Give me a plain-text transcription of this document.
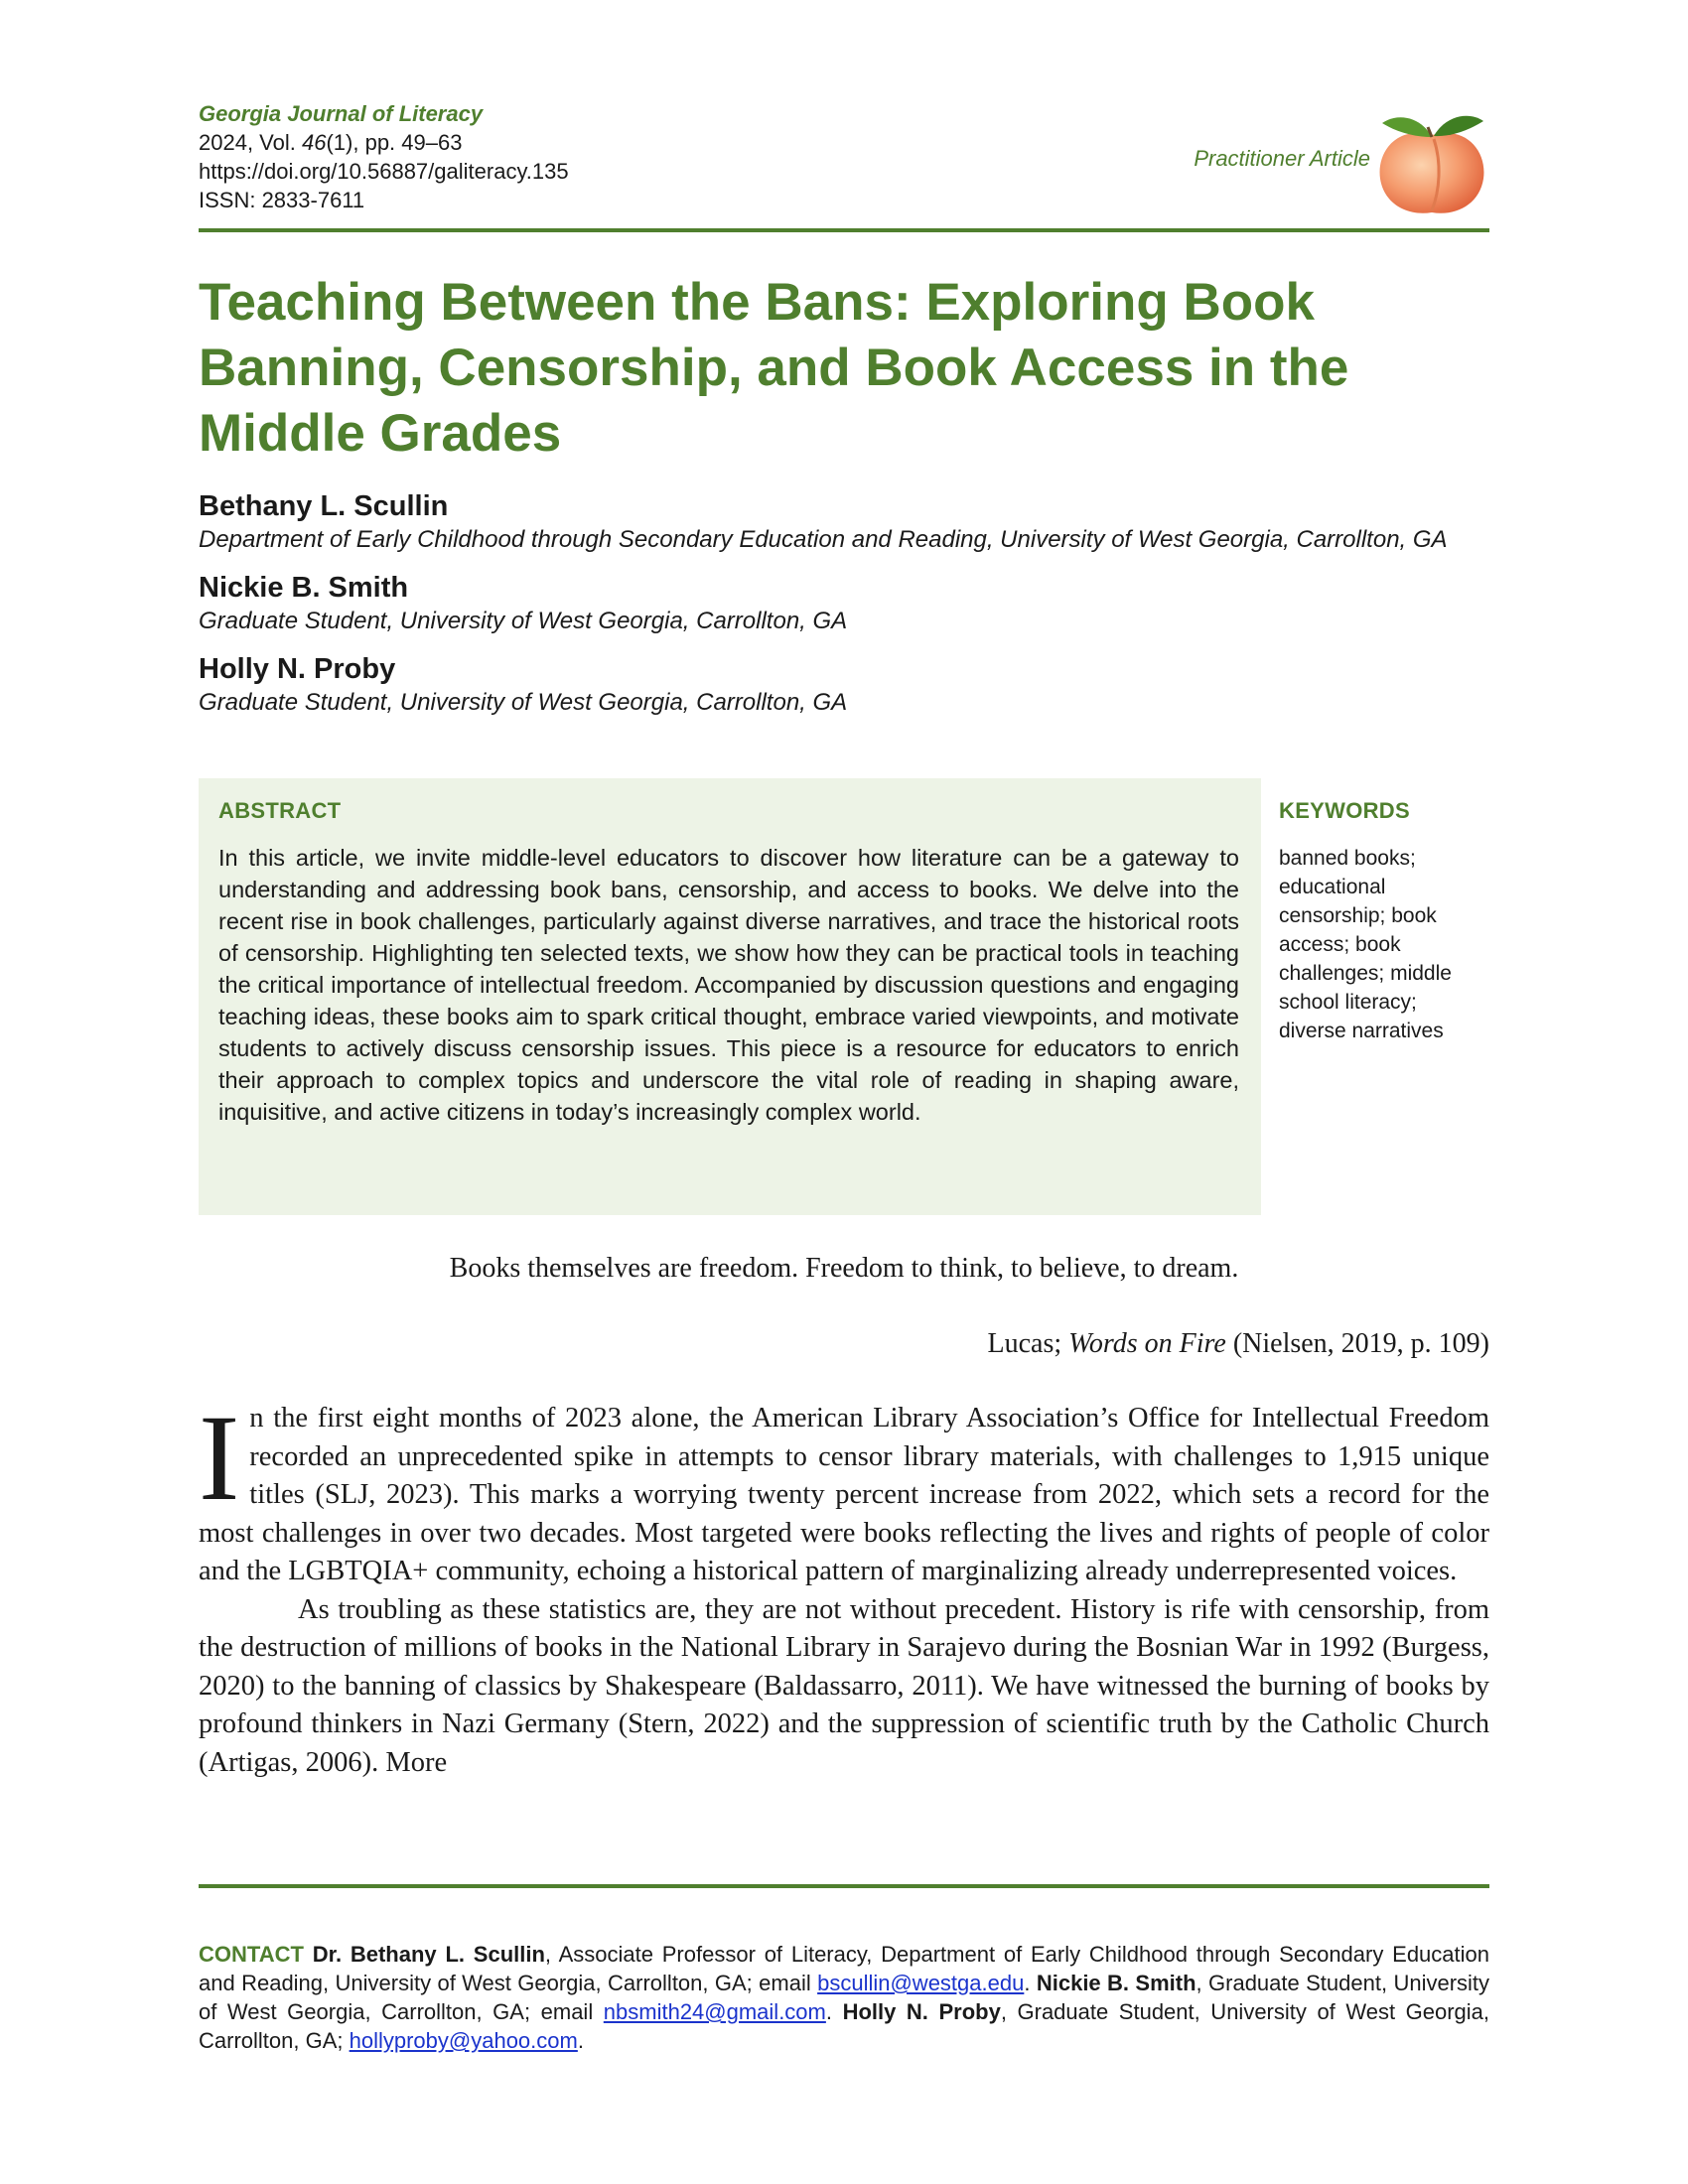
Georgia Journal of Literacy
2024, Vol. 46(1), pp. 49–63
https://doi.org/10.56887/galiteracy.135
ISSN: 2833-7611
Practitioner Article
Teaching Between the Bans: Exploring Book Banning, Censorship, and Book Access in the Middle Grades
Bethany L. Scullin
Department of Early Childhood through Secondary Education and Reading, University of West Georgia, Carrollton, GA
Nickie B. Smith
Graduate Student, University of West Georgia, Carrollton, GA
Holly N. Proby
Graduate Student, University of West Georgia, Carrollton, GA
ABSTRACT
In this article, we invite middle-level educators to discover how literature can be a gateway to understanding and addressing book bans, censorship, and access to books. We delve into the recent rise in book challenges, particularly against diverse narratives, and trace the historical roots of censorship. Highlighting ten selected texts, we show how they can be practical tools in teaching the critical importance of intellectual freedom. Accompanied by discussion questions and engaging teaching ideas, these books aim to spark critical thought, embrace varied viewpoints, and motivate students to actively discuss censorship issues. This piece is a resource for educators to enrich their approach to complex topics and underscore the vital role of reading in shaping aware, inquisitive, and active citizens in today’s increasingly complex world.
KEYWORDS
banned books; educational censorship; book access; book challenges; middle school literacy; diverse narratives
Books themselves are freedom. Freedom to think, to believe, to dream.
Lucas; Words on Fire (Nielsen, 2019, p. 109)

In the first eight months of 2023 alone, the American Library Association’s Office for Intellectual Freedom recorded an unprecedented spike in attempts to censor library materials, with challenges to 1,915 unique titles (SLJ, 2023). This marks a worrying twenty percent increase from 2022, which sets a record for the most challenges in over two decades. Most targeted were books reflecting the lives and rights of people of color and the LGBTQIA+ community, echoing a historical pattern of marginalizing already underrepresented voices.

As troubling as these statistics are, they are not without precedent. History is rife with censorship, from the destruction of millions of books in the National Library in Sarajevo during the Bosnian War in 1992 (Burgess, 2020) to the banning of classics by Shakespeare (Baldassarro, 2011). We have witnessed the burning of books by profound thinkers in Nazi Germany (Stern, 2022) and the suppression of scientific truth by the Catholic Church (Artigas, 2006). More

CONTACT Dr. Bethany L. Scullin, Associate Professor of Literacy, Department of Early Childhood through Secondary Education and Reading, University of West Georgia, Carrollton, GA; email bscullin@westga.edu. Nickie B. Smith, Graduate Student, University of West Georgia, Carrollton, GA; email nbsmith24@gmail.com. Holly N. Proby, Graduate Student, University of West Georgia, Carrollton, GA; hollyproby@yahoo.com.
